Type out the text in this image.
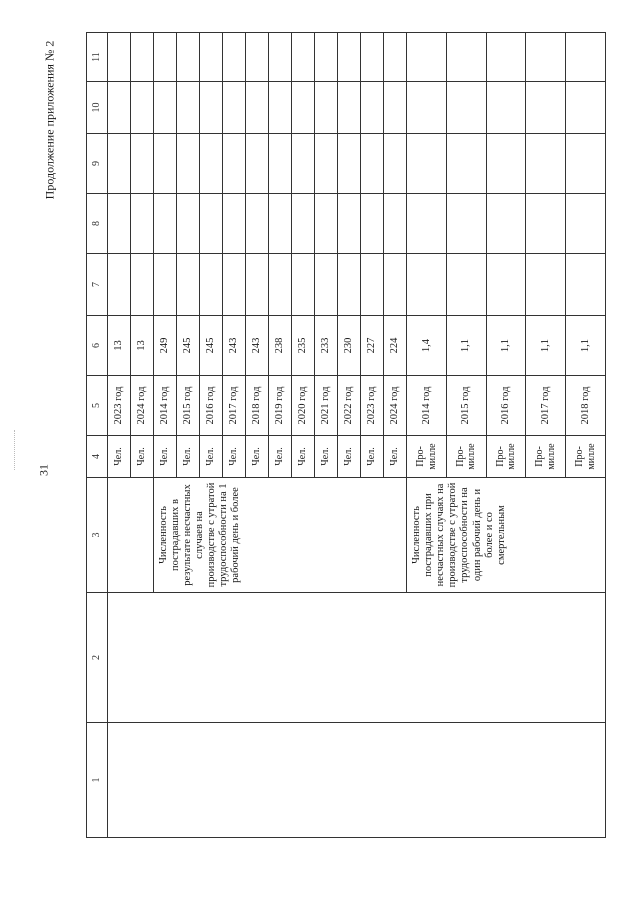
31
Продолжение приложения № 2
1	2	3	4	5	6	7	8	9	10	11
			Чел.	2023 год	13					
			Чел.	2024 год	13					
		Численность пострадавших в результате несчастных случаев на производстве с утратой трудоспособности на 1 рабочий день и более	Чел.	2014 год	249					
			Чел.	2015 год	245					
			Чел.	2016 год	245					
			Чел.	2017 год	243					
			Чел.	2018 год	243					
			Чел.	2019 год	238					
			Чел.	2020 год	235					
			Чел.	2021 год	233					
			Чел.	2022 год	230					
			Чел.	2023 год	227					
			Чел.	2024 год	224					
		Численность пострадавших при несчастных случаях на производстве с утратой трудоспособности на один рабочий день и более и со смертельным	Про- милле	2014 год	1,4					
			Про- милле	2015 год	1,1					
			Про- милле	2016 год	1,1					
			Про- милле	2017 год	1,1					
			Про- милле	2018 год	1,1					
